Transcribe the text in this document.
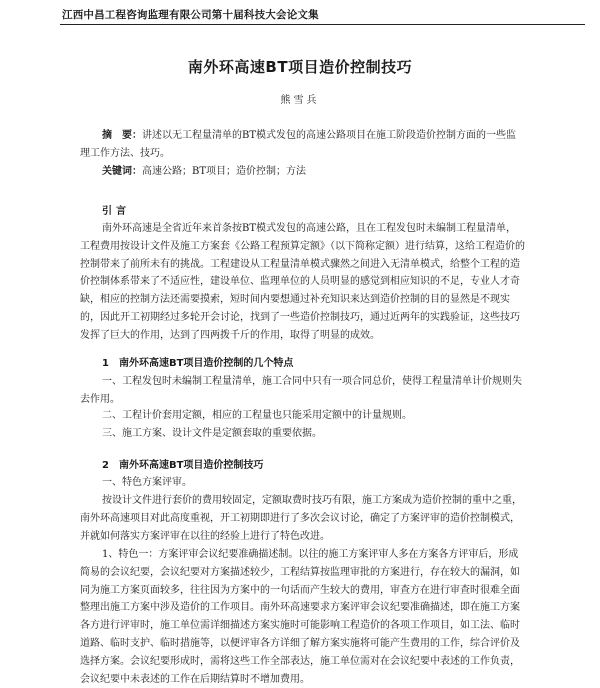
江西中昌工程咨询监理有限公司第十届科技大会论文集
南外环高速BT项目造价控制技巧
熊雪兵

摘　要：讲述以无工程量清单的BT模式发包的高速公路项目在施工阶段造价控制方面的一些监理工作方法、技巧。

关键词：高速公路；BT项目；造价控制；方法

引言

南外环高速是全省近年来首条按BT模式发包的高速公路，且在工程发包时未编制工程量清单，工程费用按设计文件及施工方案套《公路工程预算定额》（以下简称定额）进行结算，这给工程造价的控制带来了前所未有的挑战。工程建设从工程量清单模式骤然之间进入无清单模式，给整个工程的造价控制体系带来了不适应性，建设单位、监理单位的人员明显的感觉到相应知识的不足，专业人才奇缺，相应的控制方法还需要摸索，短时间内要想通过补充知识来达到造价控制的目的显然是不现实的，因此开工初期经过多轮开会讨论，找到了一些造价控制技巧，通过近两年的实践验证，这些技巧发挥了巨大的作用，达到了四两拨千斤的作用，取得了明显的成效。

1　南外环高速BT项目造价控制的几个特点

一、工程发包时未编制工程量清单，施工合同中只有一项合同总价，使得工程量清单计价规则失去作用。

二、工程计价套用定额，相应的工程量也只能采用定额中的计量规则。

三、施工方案、设计文件是定额套取的重要依据。

2　南外环高速BT项目造价控制技巧

一、特色方案评审。

按设计文件进行套价的费用较固定，定额取费时技巧有限，施工方案成为造价控制的重中之重，南外环高速项目对此高度重视，开工初期即进行了多次会议讨论，确定了方案评审的造价控制模式，并就如何落实方案评审在以往的经验上进行了特色改进。

1、特色一：方案评审会议纪要准确描述制。以往的施工方案评审人多在方案各方评审后，形成简易的会议纪要，会议纪要对方案描述较少，工程结算按监理审批的方案进行，存在较大的漏洞，如同为施工方案页面较多，往往因为方案中的一句话而产生较大的费用，审查方在进行审查时很难全面整理出施工方案中涉及造价的工作项目。南外环高速要求方案评审会议纪要准确描述，即在施工方案各方进行评审时，施工单位需详细描述方案实施时可能影响工程造价的各项工作项目，如工法、临时道路、临时支护、临时措施等，以便评审各方详细了解方案实施将可能产生费用的工作，综合评价及选择方案。会议纪要形成时，需将这些工作全部表达，施工单位需对在会议纪要中表述的工作负责，会议纪要中未表述的工作在后期结算时不增加费用。
